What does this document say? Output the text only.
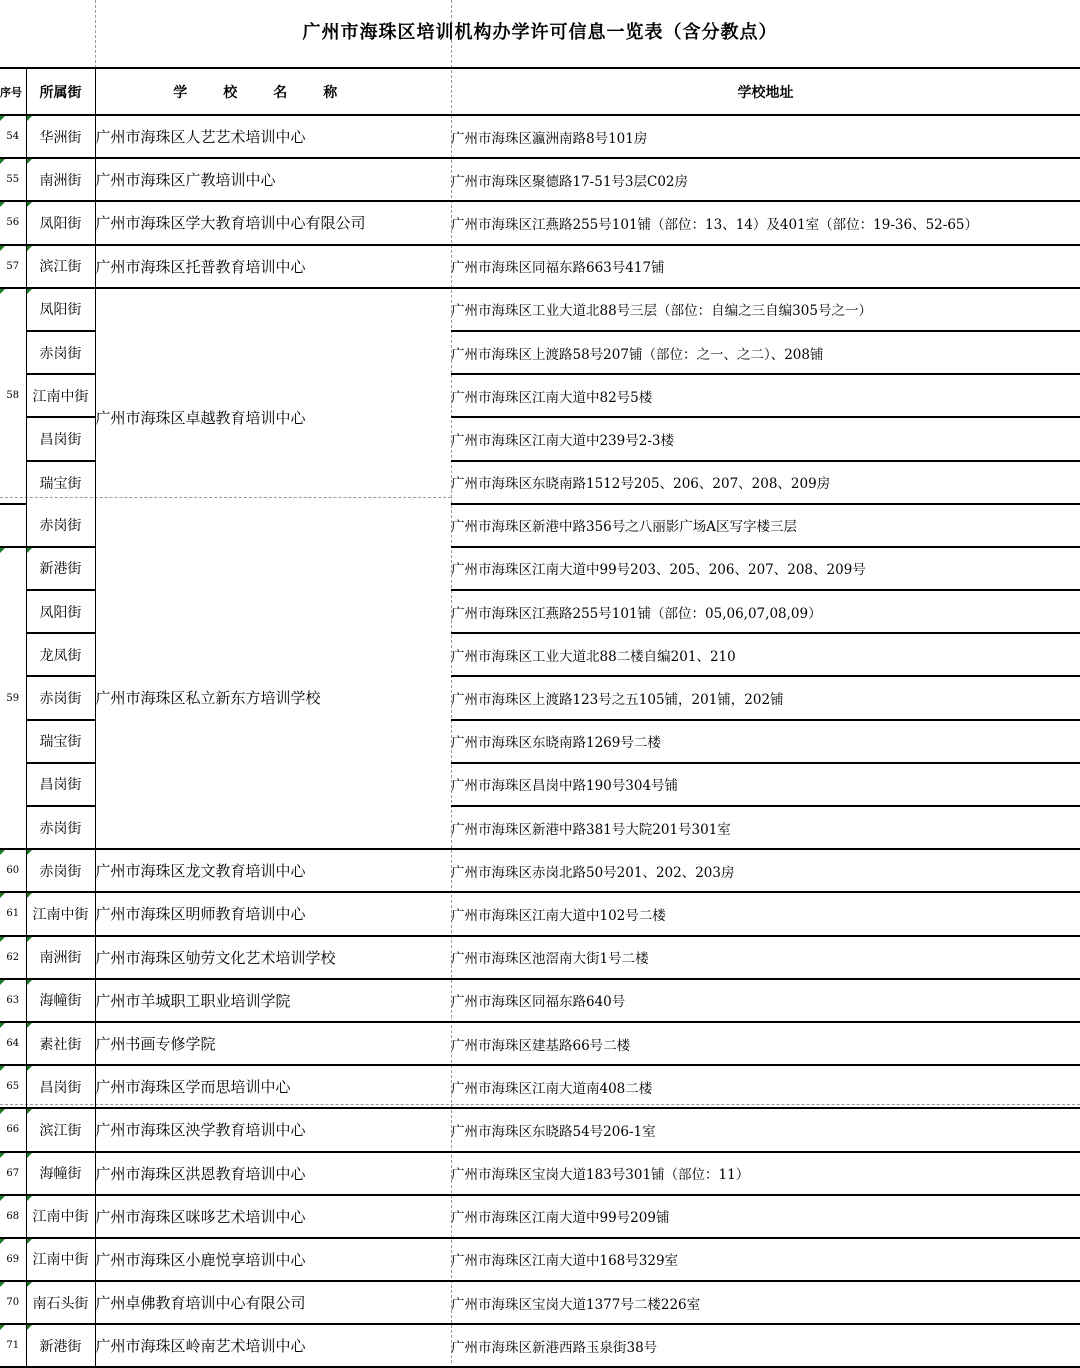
广州市海珠区培训机构办学许可信息一览表（含分教点）
序号	所属街	学校名称	学校地址
54	华洲街	广州市海珠区人艺艺术培训中心	广州市海珠区瀛洲南路8号101房
55	南洲街	广州市海珠区广教培训中心	广州市海珠区聚德路17-51号3层C02房
56	凤阳街	广州市海珠区学大教育培训中心有限公司	广州市海珠区江燕路255号101铺（部位：13、14）及401室（部位：19-36、52-65）
57	滨江街	广州市海珠区托普教育培训中心	广州市海珠区同福东路663号417铺
58	凤阳街	广州市海珠区卓越教育培训中心	广州市海珠区工业大道北88号三层（部位：自编之三自编305号之一）
	赤岗街		广州市海珠区上渡路58号207铺（部位：之一、之二）、208铺
	江南中街		广州市海珠区江南大道中82号5楼
	昌岗街		广州市海珠区江南大道中239号2-3楼
	瑞宝街		广州市海珠区东晓南路1512号205、206、207、208、209房
	赤岗街		广州市海珠区新港中路356号之八丽影广场A区写字楼三层
59	新港街	广州市海珠区私立新东方培训学校	广州市海珠区江南大道中99号203、205、206、207、208、209号
	凤阳街		广州市海珠区江燕路255号101铺（部位：05,06,07,08,09）
	龙凤街		广州市海珠区工业大道北88二楼自编201、210
	赤岗街		广州市海珠区上渡路123号之五105铺，201铺，202铺
	瑞宝街		广州市海珠区东晓南路1269号二楼
	昌岗街		广州市海珠区昌岗中路190号304号铺
	赤岗街		广州市海珠区新港中路381号大院201号301室
60	赤岗街	广州市海珠区龙文教育培训中心	广州市海珠区赤岗北路50号201、202、203房
61	江南中街	广州市海珠区明师教育培训中心	广州市海珠区江南大道中102号二楼
62	南洲街	广州市海珠区劬劳文化艺术培训学校	广州市海珠区池滘南大街1号二楼
63	海幢街	广州市羊城职工职业培训学院	广州市海珠区同福东路640号
64	素社街	广州书画专修学院	广州市海珠区建基路66号二楼
65	昌岗街	广州市海珠区学而思培训中心	广州市海珠区江南大道南408二楼
66	滨江街	广州市海珠区泱学教育培训中心	广州市海珠区东晓路54号206-1室
67	海幢街	广州市海珠区洪恩教育培训中心	广州市海珠区宝岗大道183号301铺（部位：11）
68	江南中街	广州市海珠区咪哆艺术培训中心	广州市海珠区江南大道中99号209铺
69	江南中街	广州市海珠区小鹿悦享培训中心	广州市海珠区江南大道中168号329室
70	南石头街	广州卓佛教育培训中心有限公司	广州市海珠区宝岗大道1377号二楼226室
71	新港街	广州市海珠区岭南艺术培训中心	广州市海珠区新港西路玉泉街38号
